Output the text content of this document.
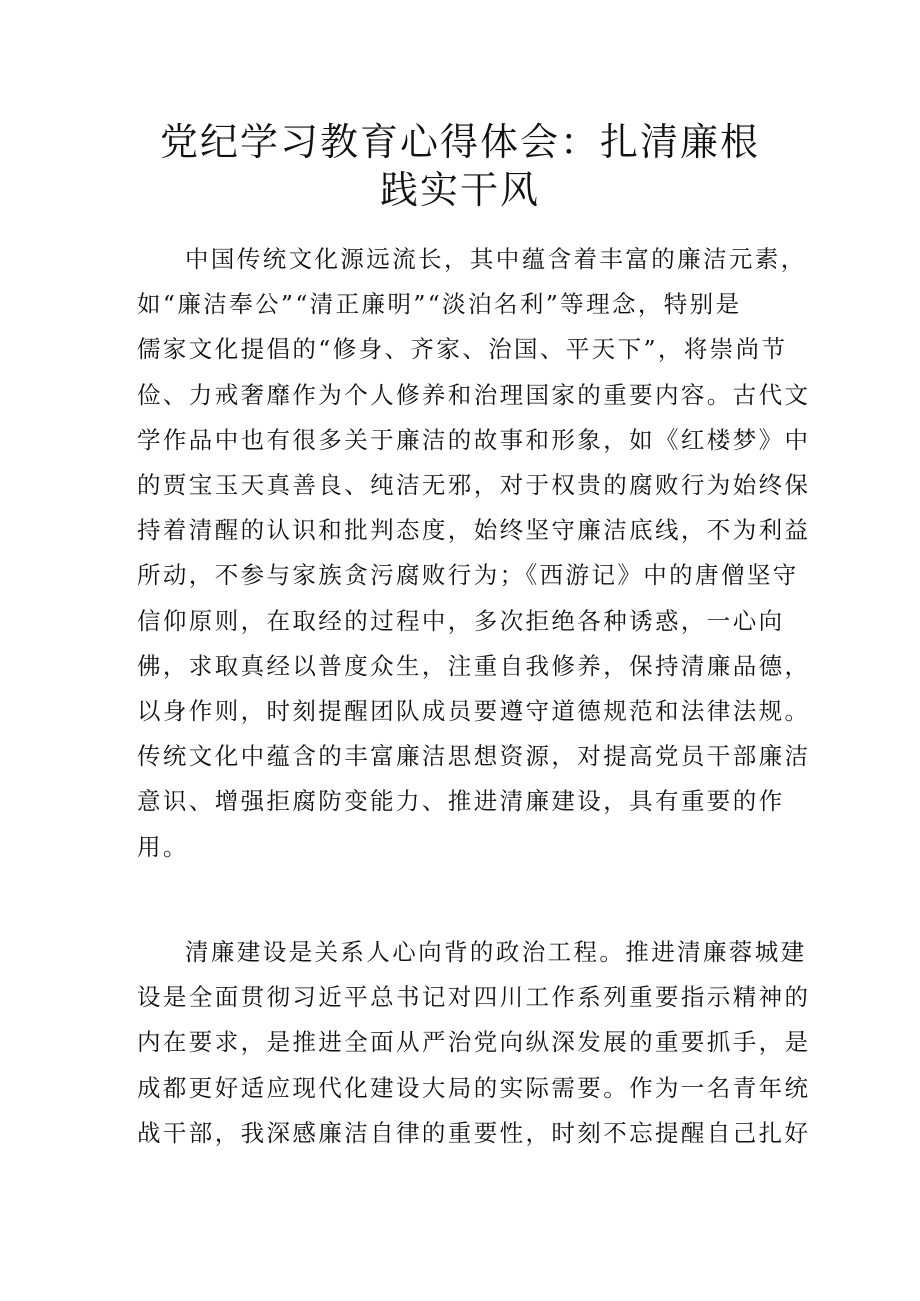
党纪学习教育心得体会：扎清廉根
践实干风
中国传统文化源远流长，其中蕴含着丰富的廉洁元素，
如“廉洁奉公”“清正廉明”“淡泊名利”等理念，特别是
儒家文化提倡的“修身、齐家、治国、平天下”，将崇尚节
俭、力戒奢靡作为个人修养和治理国家的重要内容。古代文
学作品中也有很多关于廉洁的故事和形象，如《红楼梦》中
的贾宝玉天真善良、纯洁无邪，对于权贵的腐败行为始终保
持着清醒的认识和批判态度，始终坚守廉洁底线，不为利益
所动，不参与家族贪污腐败行为；《西游记》中的唐僧坚守
信仰原则，在取经的过程中，多次拒绝各种诱惑，一心向
佛，求取真经以普度众生，注重自我修养，保持清廉品德，
以身作则，时刻提醒团队成员要遵守道德规范和法律法规。
传统文化中蕴含的丰富廉洁思想资源，对提高党员干部廉洁
意识、增强拒腐防变能力、推进清廉建设，具有重要的作
用。
清廉建设是关系人心向背的政治工程。推进清廉蓉城建
设是全面贯彻习近平总书记对四川工作系列重要指示精神的
内在要求，是推进全面从严治党向纵深发展的重要抓手，是
成都更好适应现代化建设大局的实际需要。作为一名青年统
战干部，我深感廉洁自律的重要性，时刻不忘提醒自己扎好
